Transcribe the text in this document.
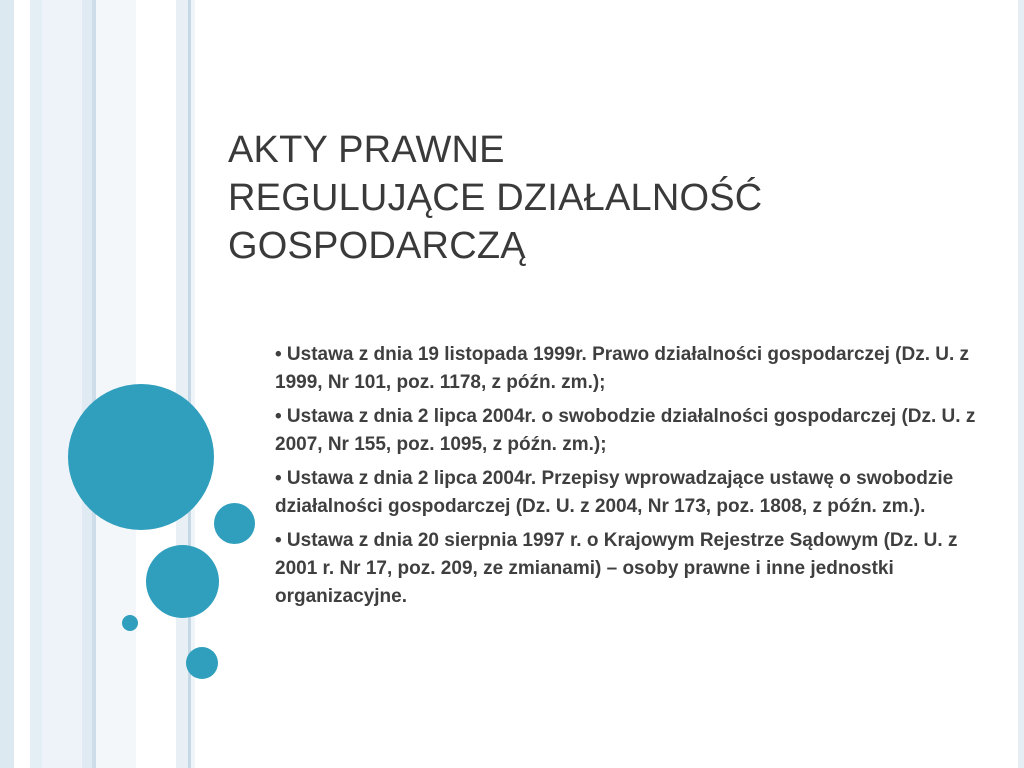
AKTY PRAWNE
REGULUJĄCE DZIAŁALNOŚĆ
GOSPODARCZĄ
• Ustawa z dnia 19 listopada 1999r. Prawo działalności gospodarczej (Dz. U. z 1999, Nr 101, poz. 1178, z późn. zm.);
• Ustawa z dnia 2 lipca 2004r. o swobodzie działalności gospodarczej (Dz. U. z 2007, Nr 155, poz. 1095, z późn. zm.);
• Ustawa z dnia 2 lipca 2004r. Przepisy wprowadzające ustawę o swobodzie działalności gospodarczej (Dz. U. z 2004, Nr 173, poz. 1808, z późn. zm.).
• Ustawa z dnia 20 sierpnia 1997 r. o Krajowym Rejestrze Sądowym (Dz. U. z 2001 r. Nr 17, poz. 209, ze zmianami) – osoby prawne i inne jednostki organizacyjne.
